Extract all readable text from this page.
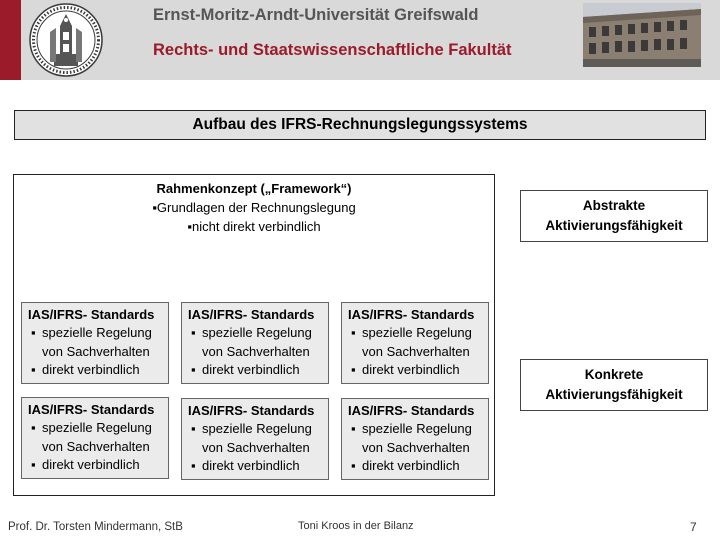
Ernst-Moritz-Arndt-Universität Greifswald
Rechts- und Staatswissenschaftliche Fakultät
Aufbau des IFRS-Rechnungslegungssystems
Rahmenkonzept („Framework“)
▪Grundlagen der Rechnungslegung
▪nicht direkt verbindlich
IAS/IFRS- Standards
▪ spezielle Regelung
von Sachverhalten
▪ direkt verbindlich
IAS/IFRS- Standards
▪ spezielle Regelung
von Sachverhalten
▪ direkt verbindlich
IAS/IFRS- Standards
▪ spezielle Regelung
von Sachverhalten
▪ direkt verbindlich
IAS/IFRS- Standards
▪ spezielle Regelung
von Sachverhalten
▪ direkt verbindlich
IAS/IFRS- Standards
▪ spezielle Regelung
von Sachverhalten
▪ direkt verbindlich
IAS/IFRS- Standards
▪ spezielle Regelung
von Sachverhalten
▪ direkt verbindlich
Abstrakte
Aktivierungsfähigkeit
Konkrete
Aktivierungsfähigkeit
Prof. Dr. Torsten Mindermann, StB	Toni Kroos in der Bilanz	7
